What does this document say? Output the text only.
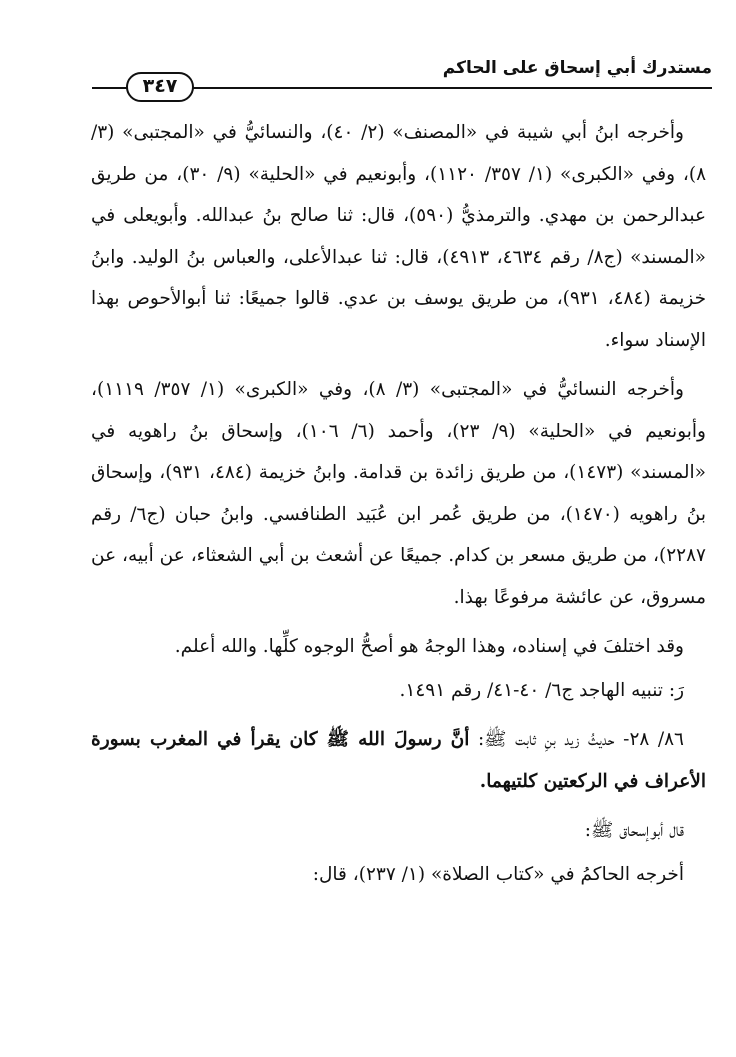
مستدرك أبي إسحاق على الحاكم
٣٤٧

وأخرجه ابنُ أبي شيبة في «المصنف» (٢/ ٤٠)، والنسائيُّ في «المجتبى» (٣/ ٨)، وفي «الكبرى» (١/ ٣٥٧/ ١١٢٠)، وأبونعيم في «الحلية» (٩/ ٣٠)، من طريق عبدالرحمن بن مهدي. والترمذيُّ (٥٩٠)، قال: ثنا صالح بنُ عبدالله. وأبويعلى في «المسند» (ج٨/ رقم ٤٦٣٤، ٤٩١٣)، قال: ثنا عبدالأعلى، والعباس بنُ الوليد. وابنُ خزيمة (٤٨٤، ٩٣١)، من طريق يوسف بن عدي. قالوا جميعًا: ثنا أبوالأحوص بهذا الإسناد سواء.

وأخرجه النسائيُّ في «المجتبى» (٣/ ٨)، وفي «الكبرى» (١/ ٣٥٧/ ١١١٩)، وأبونعيم في «الحلية» (٩/ ٢٣)، وأحمد (٦/ ١٠٦)، وإسحاق بنُ راهويه في «المسند» (١٤٧٣)، من طريق زائدة بن قدامة. وابنُ خزيمة (٤٨٤، ٩٣١)، وإسحاق بنُ راهويه (١٤٧٠)، من طريق عُمر ابن عُبَيد الطنافسي. وابنُ حبان (ج٦/ رقم ٢٢٨٧)، من طريق مسعر بن كدام. جميعًا عن أشعث بن أبي الشعثاء، عن أبيه، عن مسروق، عن عائشة مرفوعًا بهذا.

وقد اختلفَ في إسناده، وهذا الوجهُ هو أصحُّ الوجوه كلِّها. والله أعلم.

رَ: تنبيه الهاجد ج٦/ ٤٠-٤١/ رقم ١٤٩١.

٨٦/ ٢٨- حديثُ زيد بنِ ثابت ﷺ: أنَّ رسولَ الله ﷺ كان يقرأ في المغرب بسورة الأعراف في الركعتين كلتيهما.

قال أبوإسحاق ﷺ:

أخرجه الحاكمُ في «كتاب الصلاة» (١/ ٢٣٧)، قال:
